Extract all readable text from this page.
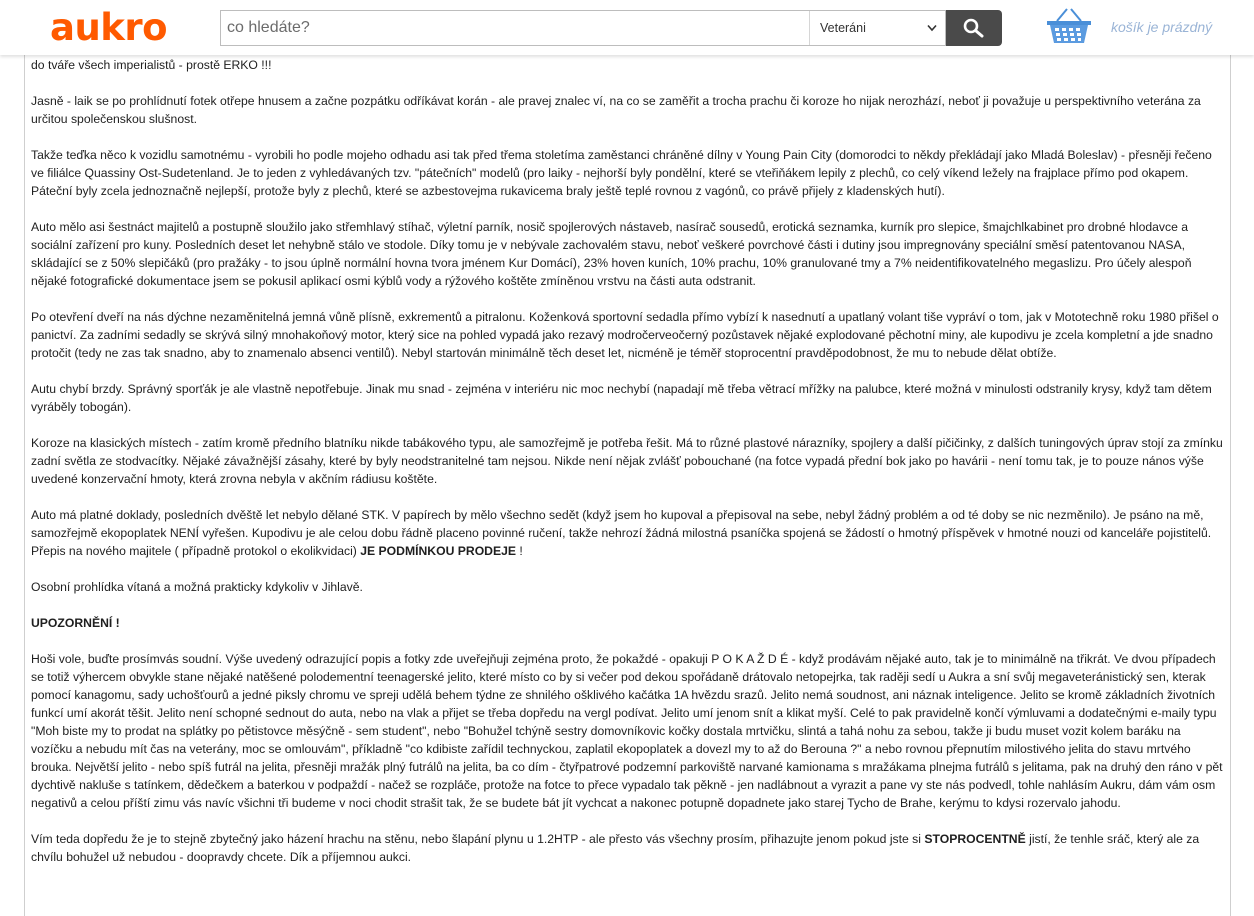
do tváře všech imperialistů - prostě ERKO !!!

Jasně - laik se po prohlídnutí fotek otřepe hnusem a začne pozpátku odříkávat korán - ale pravej znalec ví, na co se zaměřit a trocha prachu či koroze ho nijak nerozhází, neboť ji považuje u perspektivního veterána za určitou společenskou slušnost.

Takže teďka něco k vozidlu samotnému - vyrobili ho podle mojeho odhadu asi tak před třema stoletíma zaměstanci chráněné dílny v Young Pain City (domorodci to někdy překládají jako Mladá Boleslav) - přesněji řečeno ve filiálce Quassiny Ost-Sudetenland. Je to jeden z vyhledávaných tzv. "pátečních" modelů (pro laiky - nejhorší byly pondělní, které se vteřiňákem lepily z plechů, co celý víkend ležely na frajplace přímo pod okapem. Páteční byly zcela jednoznačně nejlepší, protože byly z plechů, které se azbestovejma rukavicema braly ještě teplé rovnou z vagónů, co právě přijely z kladenských hutí).

Auto mělo asi šestnáct majitelů a postupně sloužilo jako střemhlavý stíhač, výletní parník, nosič spojlerových nástaveb, nasírač sousedů, erotická seznamka, kurník pro slepice, šmajchlkabinet pro drobné hlodavce a sociální zařízení pro kuny. Posledních deset let nehybně stálo ve stodole. Díky tomu je v nebývale zachovalém stavu, neboť veškeré povrchové části i dutiny jsou impregnovány speciální směsí patentovanou NASA, skládající se z 50% slepičáků (pro pražáky - to jsou úplně normální hovna tvora jménem Kur Domácí), 23% hoven kuních, 10% prachu, 10% granulované tmy a 7% neidentifikovatelného megaslizu. Pro účely alespoň nějaké fotografické dokumentace jsem se pokusil aplikací osmi kýblů vody a rýžového koštěte zmíněnou vrstvu na části auta odstranit.

Po otevření dveří na nás dýchne nezaměnitelná jemná vůně plísně, exkrementů a pitralonu. Koženková sportovní sedadla přímo vybízí k nasednutí a upatlaný volant tiše vypráví o tom, jak v Mototechně roku 1980 přišel o panictví. Za zadními sedadly se skrývá silný mnohakoňový motor, který sice na pohled vypadá jako rezavý modročerveočerný pozůstavek nějaké explodované pěchotní miny, ale kupodivu je zcela kompletní a jde snadno protočit (tedy ne zas tak snadno, aby to znamenalo absenci ventilů). Nebyl startován minimálně těch deset let, nicméně je téměř stoprocentní pravděpodobnost, že mu to nebude dělat obtíže.

Autu chybí brzdy. Správný sporťák je ale vlastně nepotřebuje. Jinak mu snad - zejména v interiéru nic moc nechybí (napadají mě třeba větrací mřížky na palubce, které možná v minulosti odstranily krysy, když tam dětem vyráběly tobogán).

Koroze na klasických místech - zatím kromě předního blatníku nikde tabákového typu, ale samozřejmě je potřeba řešit. Má to různé plastové nárazníky, spojlery a další pičičinky, z dalších tuningových úprav stojí za zmínku zadní světla ze stodvacítky. Nějaké závažnější zásahy, které by byly neodstranitelné tam nejsou. Nikde není nějak zvlášť pobouchané (na fotce vypadá přední bok jako po havárii - není tomu tak, je to pouze nános výše uvedené konzervační hmoty, která zrovna nebyla v akčním rádiusu koštěte.

Auto má platné doklady, posledních dvěště let nebylo dělané STK. V papírech by mělo všechno sedět (když jsem ho kupoval a přepisoval na sebe, nebyl žádný problém a od té doby se nic nezměnilo). Je psáno na mě, samozřejmě ekopoplatek NENÍ vyřešen. Kupodivu je ale celou dobu řádně placeno povinné ručení, takže nehrozí žádná milostná psaníčka spojená se žádostí o hmotný příspěvek v hmotné nouzi od kanceláře pojistitelů. Přepis na nového majitele ( případně protokol o ekolikvidaci) JE PODMÍNKOU PRODEJE !

Osobní prohlídka vítaná a možná prakticky kdykoliv v Jihlavě.

UPOZORNĚNÍ !

Hoši vole, buďte prosímvás soudní. Výše uvedený odrazující popis a fotky zde uveřejňuji zejména proto, že pokaždé - opakuji P O K A Ž D É - když prodávám nějaké auto, tak je to minimálně na třikrát. Ve dvou případech se totiž výhercem obvykle stane nějaké natěšené polodementní teenagerské jelito, které místo co by si večer pod dekou spořádaně drátovalo netopejrka, tak raději sedí u Aukra a sní svůj megaveteránistický sen, kterak pomocí kanagomu, sady uchošťourů a jedné piksly chromu ve spreji udělá behem týdne ze shnilého ošklivého kačátka 1A hvězdu srazů. Jelito nemá soudnost, ani náznak inteligence. Jelito se kromě základních životních funkcí umí akorát těšit. Jelito není schopné sednout do auta, nebo na vlak a přijet se třeba dopředu na vergl podívat. Jelito umí jenom snít a klikat myší. Celé to pak pravidelně končí výmluvami a dodatečnými e-maily typu "Moh biste my to prodat na splátky po pětistovce měsýčně - sem student", nebo "Bohužel tchýně sestry domovníkovic kočky dostala mrtvičku, slintá a tahá nohu za sebou, takže ji budu muset vozit kolem baráku na vozíčku a nebudu mít čas na veterány, moc se omlouvám", příkladně "co kdibiste zařídil technyckou, zaplatil ekopoplatek a dovezl my to až do Berouna ?" a nebo rovnou přepnutím milostivého jelita do stavu mrtvého brouka. Největší jelito - nebo spíš futrál na jelita, přesněji mražák plný futrálů na jelita, ba co dím - čtyřpatrové podzemní parkoviště narvané kamionama s mražákama plnejma futrálů s jelitama, pak na druhý den ráno v pět dychtivě nakluše s tatínkem, dědečkem a baterkou v podpaždí - načež se rozpláče, protože na fotce to přece vypadalo tak pěkně - jen nadlábnout a vyrazit a pane vy ste nás podvedl, tohle nahlásím Aukru, dám vám osm negativů a celou příští zimu vás navíc všichni tři budeme v noci chodit strašit tak, že se budete bát jít vychcat a nakonec potupně dopadnete jako starej Tycho de Brahe, kerýmu to kdysi rozervalo jahodu.

Vím teda dopředu že je to stejně zbytečný jako házení hrachu na stěnu, nebo šlapání plynu u 1.2HTP - ale přesto vás všechny prosím, přihazujte jenom pokud jste si STOPROCENTNĚ jistí, že tenhle sráč, který ale za chvílu bohužel už nebudou - doopravdy chcete. Dík a příjemnou aukci.

aukro
co hledáte?	Veteráni	košík je prázdný
